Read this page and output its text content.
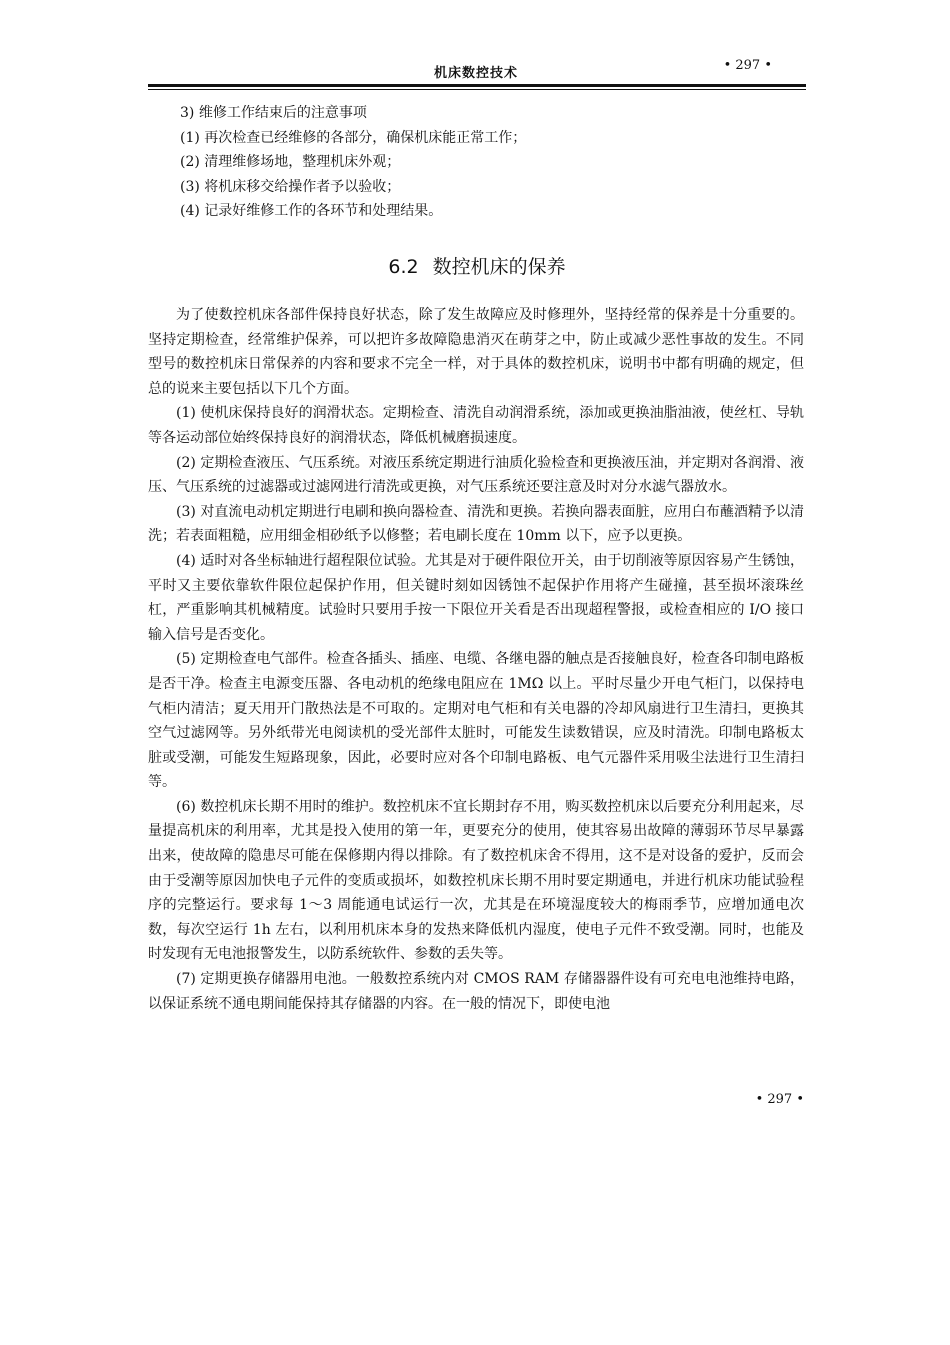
机床数控技术
• 297 •
3) 维修工作结束后的注意事项
(1) 再次检查已经维修的各部分，确保机床能正常工作；
(2) 清理维修场地，整理机床外观；
(3) 将机床移交给操作者予以验收；
(4) 记录好维修工作的各环节和处理结果。
6.2 数控机床的保养

为了使数控机床各部件保持良好状态，除了发生故障应及时修理外，坚持经常的保养是十分重要的。坚持定期检查，经常维护保养，可以把许多故障隐患消灭在萌芽之中，防止或减少恶性事故的发生。不同型号的数控机床日常保养的内容和要求不完全一样，对于具体的数控机床，说明书中都有明确的规定，但总的说来主要包括以下几个方面。

(1) 使机床保持良好的润滑状态。定期检查、清洗自动润滑系统，添加或更换油脂油液，使丝杠、导轨等各运动部位始终保持良好的润滑状态，降低机械磨损速度。

(2) 定期检查液压、气压系统。对液压系统定期进行油质化验检查和更换液压油，并定期对各润滑、液压、气压系统的过滤器或过滤网进行清洗或更换，对气压系统还要注意及时对分水滤气器放水。

(3) 对直流电动机定期进行电刷和换向器检查、清洗和更换。若换向器表面脏，应用白布蘸酒精予以清洗；若表面粗糙，应用细金相砂纸予以修整；若电刷长度在 10mm 以下，应予以更换。

(4) 适时对各坐标轴进行超程限位试验。尤其是对于硬件限位开关，由于切削液等原因容易产生锈蚀，平时又主要依靠软件限位起保护作用，但关键时刻如因锈蚀不起保护作用将产生碰撞，甚至损坏滚珠丝杠，严重影响其机械精度。试验时只要用手按一下限位开关看是否出现超程警报，或检查相应的 I/O 接口输入信号是否变化。

(5) 定期检查电气部件。检查各插头、插座、电缆、各继电器的触点是否接触良好，检查各印制电路板是否干净。检查主电源变压器、各电动机的绝缘电阻应在 1MΩ 以上。平时尽量少开电气柜门，以保持电气柜内清洁；夏天用开门散热法是不可取的。定期对电气柜和有关电器的冷却风扇进行卫生清扫，更换其空气过滤网等。另外纸带光电阅读机的受光部件太脏时，可能发生读数错误，应及时清洗。印制电路板太脏或受潮，可能发生短路现象，因此，必要时应对各个印制电路板、电气元器件采用吸尘法进行卫生清扫等。

(6) 数控机床长期不用时的维护。数控机床不宜长期封存不用，购买数控机床以后要充分利用起来，尽量提高机床的利用率，尤其是投入使用的第一年，更要充分的使用，使其容易出故障的薄弱环节尽早暴露出来，使故障的隐患尽可能在保修期内得以排除。有了数控机床舍不得用，这不是对设备的爱护，反而会由于受潮等原因加快电子元件的变质或损坏，如数控机床长期不用时要定期通电，并进行机床功能试验程序的完整运行。要求每 1～3 周能通电试运行一次，尤其是在环境湿度较大的梅雨季节，应增加通电次数，每次空运行 1h 左右，以利用机床本身的发热来降低机内湿度，使电子元件不致受潮。同时，也能及时发现有无电池报警发生，以防系统软件、参数的丢失等。

(7) 定期更换存储器用电池。一般数控系统内对 CMOS RAM 存储器器件设有可充电电池维持电路，以保证系统不通电期间能保持其存储器的内容。在一般的情况下，即使电池

• 297 •
